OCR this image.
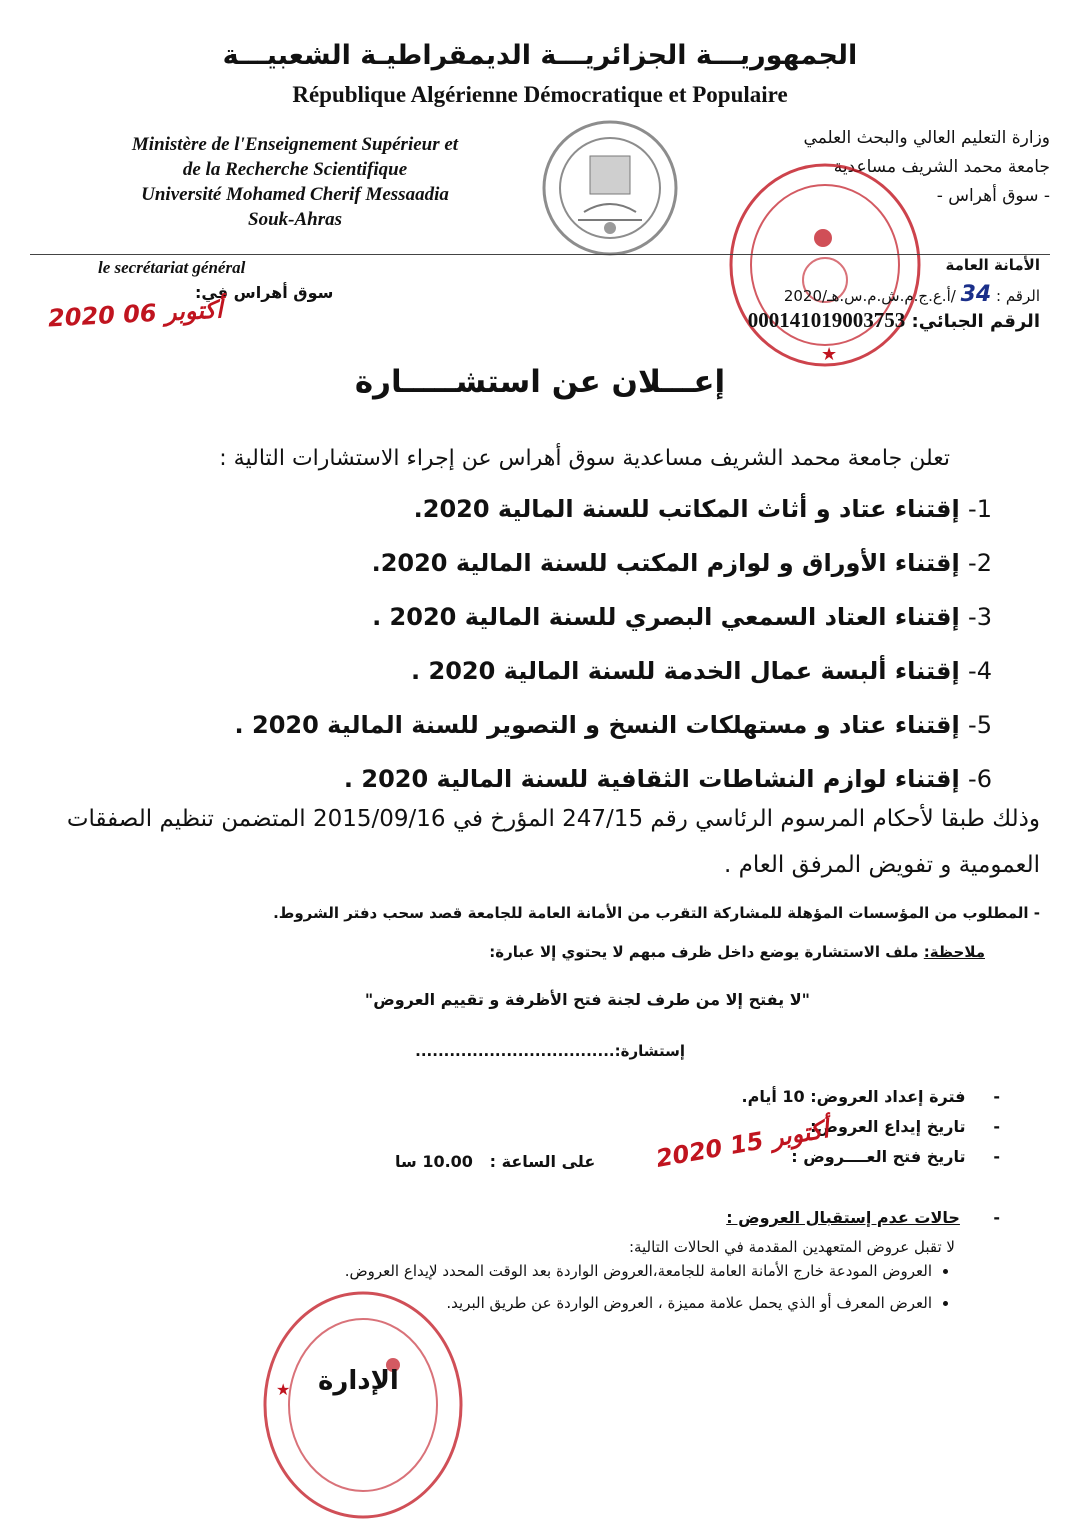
الجمهوريـــة الجزائريـــة الديمقراطيـة الشعبيـــة
République Algérienne Démocratique et Populaire
Ministère de l'Enseignement Supérieur et
de la Recherche Scientifique
Université Mohamed Cherif Messaadia
Souk-Ahras
وزارة التعليم العالي والبحث العلمي
جامعة محمد الشريف مساعدية
- سوق أهراس -
★
le secrétariat général	الأمانة العامة
سوق أهراس في:
2020 أكتوبر 06	الرقم : 34 /أ.ع.ج.م.ش.م.س.هـ/2020
الرقم الجبائي: 000141019003753
إعـــلان عن استشـــــارة
تعلن جامعة محمد الشريف مساعدية سوق أهراس عن إجراء الاستشارات التالية :
1- إقتناء عتاد و أثاث المكاتب للسنة المالية 2020.
2- إقتناء الأوراق و لوازم المكتب للسنة المالية 2020.
3- إقتناء العتاد السمعي البصري للسنة المالية 2020 .
4- إقتناء ألبسة عمال الخدمة للسنة المالية 2020 .
5- إقتناء عتاد و مستهلكات النسخ و التصوير للسنة المالية 2020 .
6- إقتناء لوازم النشاطات الثقافية للسنة المالية 2020 .
وذلك طبقا لأحكام المرسوم الرئاسي رقم 247/15 المؤرخ في 2015/09/16 المتضمن تنظيم الصفقات العمومية و تفويض المرفق العام .
- المطلوب من المؤسسات المؤهلة للمشاركة التقرب من الأمانة العامة للجامعة قصد سحب دفتر الشروط.
ملاحظة: ملف الاستشارة يوضع داخل ظرف مبهم لا يحتوي إلا عبارة:
"لا يفتح إلا من طرف لجنة فتح الأظرفة و تقييم العروض"
إستشارة:...................................
-     فترة إعداد العروض: 10 أيام.
-     تاريخ إيداع العروض:
-     تاريخ فتح العــــروض :
على الساعة :   10.00 سا	2020 أكتوبر 15
-      حالات عدم إستقبال العروض :
لا تقبل عروض المتعهدين المقدمة في الحالات التالية:
• العروض المودعة خارج الأمانة العامة للجامعة،العروض الواردة بعد الوقت المحدد لإيداع العروض.
• العرض المعرف أو الذي يحمل علامة مميزة ، العروض الواردة عن طريق البريد.
★ الإدارة
